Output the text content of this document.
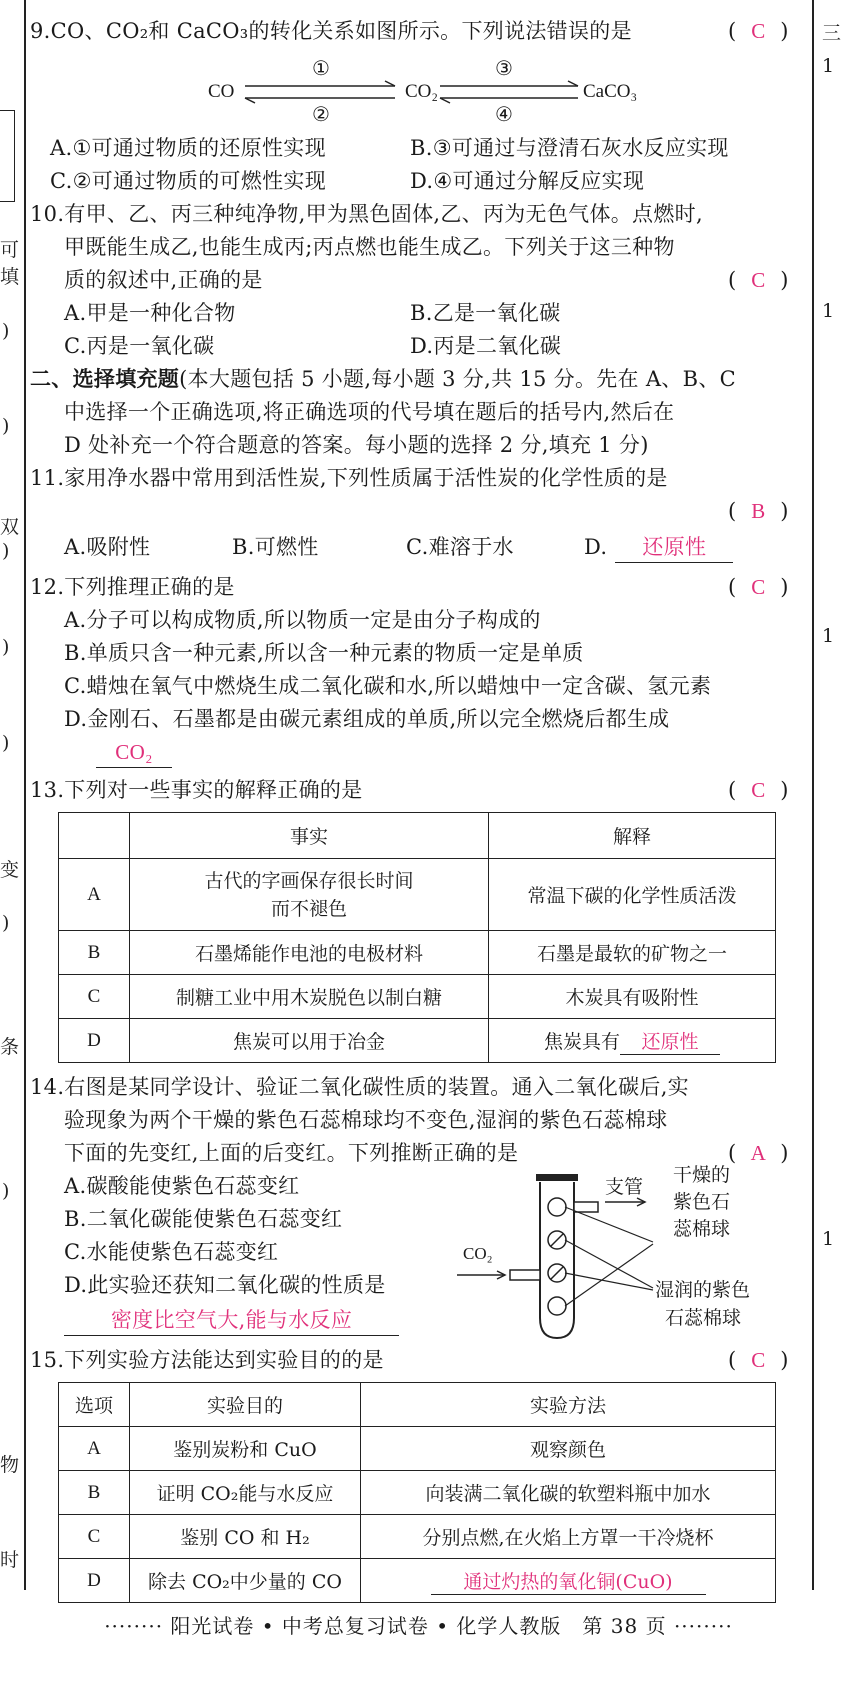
可
填
)
)
双
)
)
)
变
)
条
)
物
时
三
1
1
1
1
9.CO、CO₂和 CaCO₃的转化关系如图所示。下列说法错误的是	( C )
CO	CO₂	CaCO₃
①
②
③
④
A.①可通过物质的还原性实现	B.③可通过与澄清石灰水反应实现
C.②可通过物质的可燃性实现	D.④可通过分解反应实现
10.有甲、乙、丙三种纯净物,甲为黑色固体,乙、丙为无色气体。点燃时,
甲既能生成乙,也能生成丙;丙点燃也能生成乙。下列关于这三种物
质的叙述中,正确的是	( C )
A.甲是一种化合物	B.乙是一氧化碳
C.丙是一氧化碳	D.丙是二氧化碳
二、选择填充题(本大题包括 5 小题,每小题 3 分,共 15 分。先在 A、B、C
中选择一个正确选项,将正确选项的代号填在题后的括号内,然后在
D 处补充一个符合题意的答案。每小题的选择 2 分,填充 1 分)
11.家用净水器中常用到活性炭,下列性质属于活性炭的化学性质的是
( B )
A.吸附性	B.可燃性	C.难溶于水	D. 还原性
12.下列推理正确的是	( C )
A.分子可以构成物质,所以物质一定是由分子构成的
B.单质只含一种元素,所以含一种元素的物质一定是单质
C.蜡烛在氧气中燃烧生成二氧化碳和水,所以蜡烛中一定含碳、氢元素
D.金刚石、石墨都是由碳元素组成的单质,所以完全燃烧后都生成
CO₂
13.下列对一些事实的解释正确的是	( C )
	事实	解释
A	古代的字画保存很长时间
而不褪色	常温下碳的化学性质活泼
B	石墨烯能作电池的电极材料	石墨是最软的矿物之一
C	制糖工业中用木炭脱色以制白糖	木炭具有吸附性
D	焦炭可以用于冶金	焦炭具有 还原性
14.右图是某同学设计、验证二氧化碳性质的装置。通入二氧化碳后,实
验现象为两个干燥的紫色石蕊棉球均不变色,湿润的紫色石蕊棉球
下面的先变红,上面的后变红。下列推断正确的是	( A )
A.碳酸能使紫色石蕊变红
B.二氧化碳能使紫色石蕊变红
C.水能使紫色石蕊变红
D.此实验还获知二氧化碳的性质是
密度比空气大,能与水反应
支管
干燥的
紫色石
蕊棉球
CO₂
湿润的紫色
石蕊棉球
15.下列实验方法能达到实验目的的是	( C )
选项	实验目的	实验方法
A	鉴别炭粉和 CuO	观察颜色
B	证明 CO₂能与水反应	向装满二氧化碳的软塑料瓶中加水
C	鉴别 CO 和 H₂	分别点燃,在火焰上方罩一干冷烧杯
D	除去 CO₂中少量的 CO	通过灼热的氧化铜(CuO)
········ 阳光试卷 • 中考总复习试卷 • 化学人教版　第 38 页 ········
